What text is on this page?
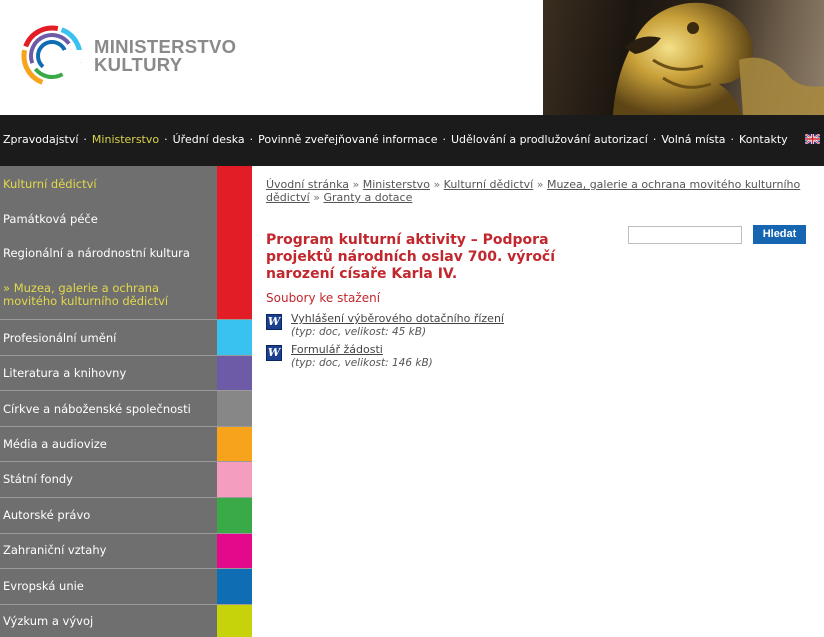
MINISTERSTVO
KULTURY
Zpravodajství · Ministerstvo · Úřední deska · Povinně zveřejňované informace · Udělování a prodlužování autorizací · Volná místa · Kontakty
Kulturní dědictví
Památková péče
Regionální a národnostní kultura
» Muzea, galerie a ochrana movitého kulturního dědictví
Profesionální umění
Literatura a knihovny
Církve a náboženské společnosti
Média a audiovize
Státní fondy
Autorské právo
Zahraniční vztahy
Evropská unie
Výzkum a vývoj
Úvodní stránka » Ministerstvo » Kulturní dědictví » Muzea, galerie a ochrana movitého kulturního dědictví » Granty a dotace
Program kulturní aktivity – Podpora projektů národních oslav 700. výročí narození císaře Karla IV.
Hledat
Soubory ke stažení
W Vyhlášení výběrového dotačního řízení
(typ: doc, velikost: 45 kB)
W Formulář žádosti
(typ: doc, velikost: 146 kB)
